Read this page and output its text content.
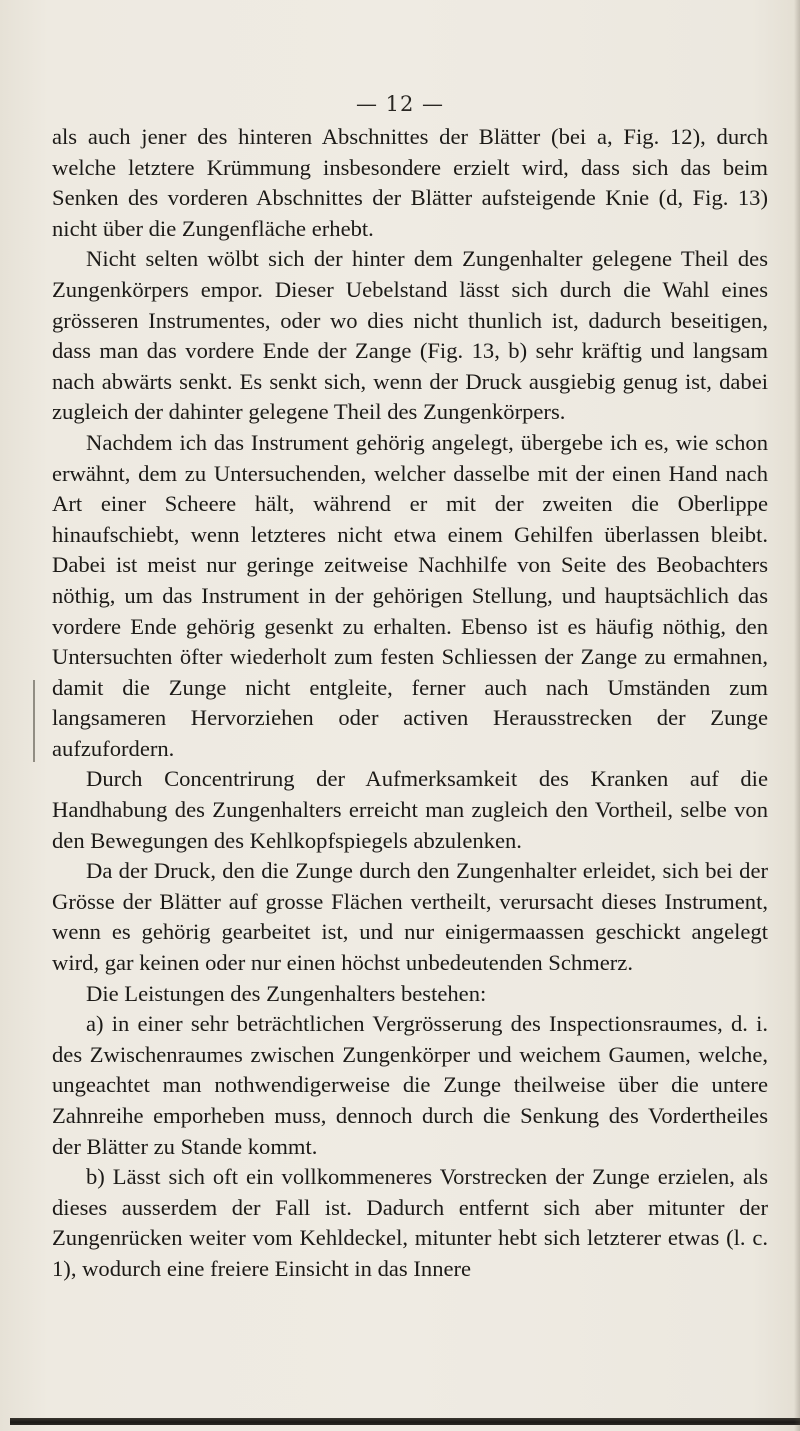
— 12 —

als auch jener des hinteren Abschnittes der Blätter (bei a, Fig. 12), durch welche letztere Krümmung insbesondere erzielt wird, dass sich das beim Senken des vorderen Abschnittes der Blätter aufsteigende Knie (d, Fig. 13) nicht über die Zungenfläche erhebt.

Nicht selten wölbt sich der hinter dem Zungenhalter gelegene Theil des Zungenkörpers empor. Dieser Uebelstand lässt sich durch die Wahl eines grösseren Instrumentes, oder wo dies nicht thunlich ist, dadurch beseitigen, dass man das vordere Ende der Zange (Fig. 13, b) sehr kräftig und langsam nach abwärts senkt. Es senkt sich, wenn der Druck ausgiebig genug ist, dabei zugleich der dahinter gelegene Theil des Zungenkörpers.

Nachdem ich das Instrument gehörig angelegt, übergebe ich es, wie schon erwähnt, dem zu Untersuchenden, welcher dasselbe mit der einen Hand nach Art einer Scheere hält, während er mit der zweiten die Oberlippe hinaufschiebt, wenn letzteres nicht etwa einem Gehilfen überlassen bleibt. Dabei ist meist nur geringe zeitweise Nachhilfe von Seite des Beobachters nöthig, um das Instrument in der gehörigen Stellung, und hauptsächlich das vordere Ende gehörig gesenkt zu erhalten. Ebenso ist es häufig nöthig, den Untersuchten öfter wiederholt zum festen Schliessen der Zange zu ermahnen, damit die Zunge nicht entgleite, ferner auch nach Umständen zum langsameren Hervorziehen oder activen Herausstrecken der Zunge aufzufordern.

Durch Concentrirung der Aufmerksamkeit des Kranken auf die Handhabung des Zungenhalters erreicht man zugleich den Vortheil, selbe von den Bewegungen des Kehlkopfspiegels abzulenken.

Da der Druck, den die Zunge durch den Zungenhalter erleidet, sich bei der Grösse der Blätter auf grosse Flächen vertheilt, verursacht dieses Instrument, wenn es gehörig gearbeitet ist, und nur einigermaassen geschickt angelegt wird, gar keinen oder nur einen höchst unbedeutenden Schmerz.

Die Leistungen des Zungenhalters bestehen:

a) in einer sehr beträchtlichen Vergrösserung des Inspectionsraumes, d. i. des Zwischenraumes zwischen Zungenkörper und weichem Gaumen, welche, ungeachtet man nothwendigerweise die Zunge theilweise über die untere Zahnreihe emporheben muss, dennoch durch die Senkung des Vordertheiles der Blätter zu Stande kommt.

b) Lässt sich oft ein vollkommeneres Vorstrecken der Zunge erzielen, als dieses ausserdem der Fall ist. Dadurch entfernt sich aber mitunter der Zungenrücken weiter vom Kehldeckel, mitunter hebt sich letzterer etwas (l. c. 1), wodurch eine freiere Einsicht in das Innere
